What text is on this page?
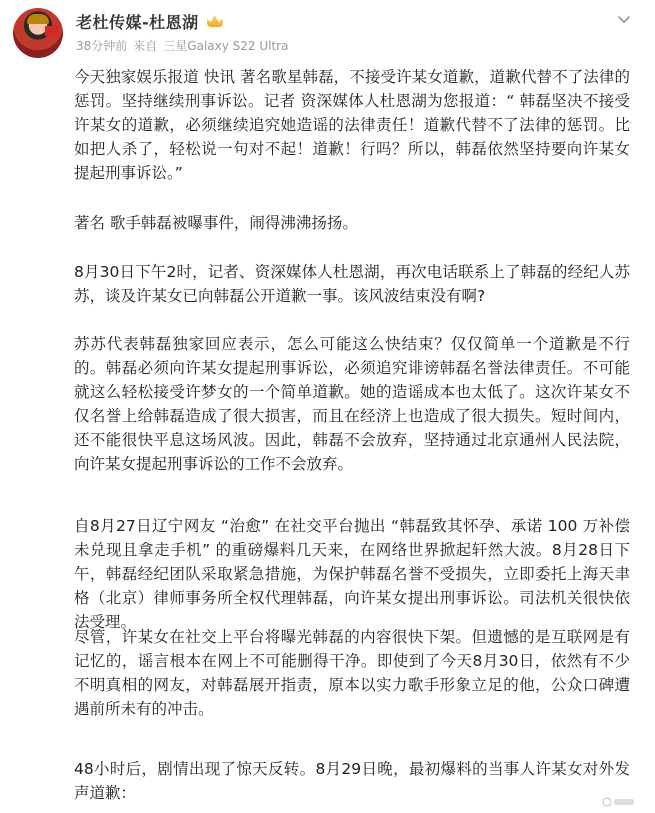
老杜传媒-杜恩湖
38分钟前 来自 三星Galaxy S22 Ultra
今天独家娱乐报道 快讯 著名歌星韩磊，不接受许某女道歉，道歉代替不了法律的惩罚。坚持继续刑事诉讼。记者 资深媒体人杜恩湖为您报道：“ 韩磊坚决不接受许某女的道歉，必须继续追究她造谣的法律责任！道歉代替不了法律的惩罚。比如把人杀了，轻松说一句对不起！道歉！行吗？所以，韩磊依然坚持要向许某女提起刑事诉讼。”
著名 歌手韩磊被曝事件，闹得沸沸扬扬。
8月30日下午2时，记者、资深媒体人杜恩湖，再次电话联系上了韩磊的经纪人苏苏，谈及许某女已向韩磊公开道歉一事。该风波结束没有啊?
苏苏代表韩磊独家回应表示，怎么可能这么快结束？仅仅简单一个道歉是不行的。韩磊必须向许某女提起刑事诉讼，必须追究诽谤韩磊名誉法律责任。不可能就这么轻松接受许梦女的一个简单道歉。她的造谣成本也太低了。这次许某女不仅名誉上给韩磊造成了很大损害，而且在经济上也造成了很大损失。短时间内，还不能很快平息这场风波。因此，韩磊不会放弃，坚持通过北京通州人民法院，向许某女提起刑事诉讼的工作不会放弃。
自8月27日辽宁网友 “治愈” 在社交平台抛出 “韩磊致其怀孕、承诺 100 万补偿未兑现且拿走手机” 的重磅爆料几天来，在网络世界掀起轩然大波。8月28日下午，韩磊经纪团队采取紧急措施，为保护韩磊名誉不受损失，立即委托上海天聿格（北京）律师事务所全权代理韩磊，向许某女提出刑事诉讼。司法机关很快依法受理。
尽管，许某女在社交上平台将曝光韩磊的内容很快下架。但遗憾的是互联网是有记忆的，谣言根本在网上不可能删得干净。即使到了今天8月30日，依然有不少不明真相的网友，对韩磊展开指责，原本以实力歌手形象立足的他，公众口碑遭遇前所未有的冲击。
48小时后，剧情出现了惊天反转。8月29日晚，最初爆料的当事人许某女对外发声道歉：
